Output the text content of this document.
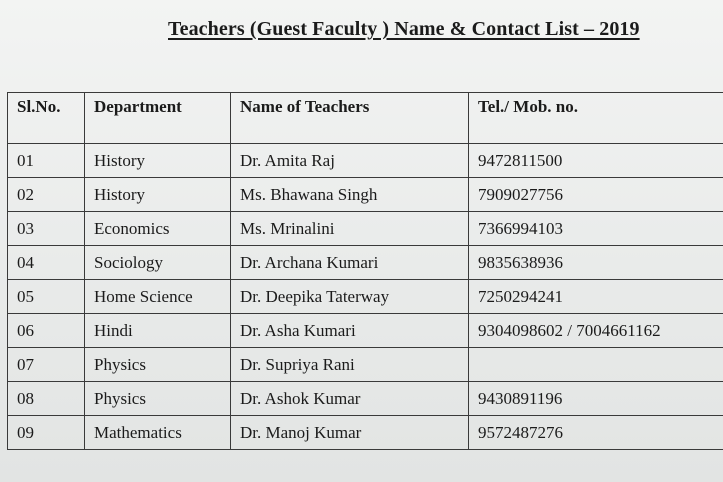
Teachers (Guest Faculty ) Name & Contact List – 2019
Sl.No.	Department	Name of Teachers	Tel./ Mob. no.
01	History	Dr. Amita Raj	9472811500
02	History	Ms. Bhawana Singh	7909027756
03	Economics	Ms. Mrinalini	7366994103
04	Sociology	Dr. Archana Kumari	9835638936
05	Home Science	Dr. Deepika Taterway	7250294241
06	Hindi	Dr. Asha Kumari	9304098602 / 7004661162
07	Physics	Dr. Supriya Rani	
08	Physics	Dr. Ashok Kumar	9430891196
09	Mathematics	Dr. Manoj Kumar	9572487276
